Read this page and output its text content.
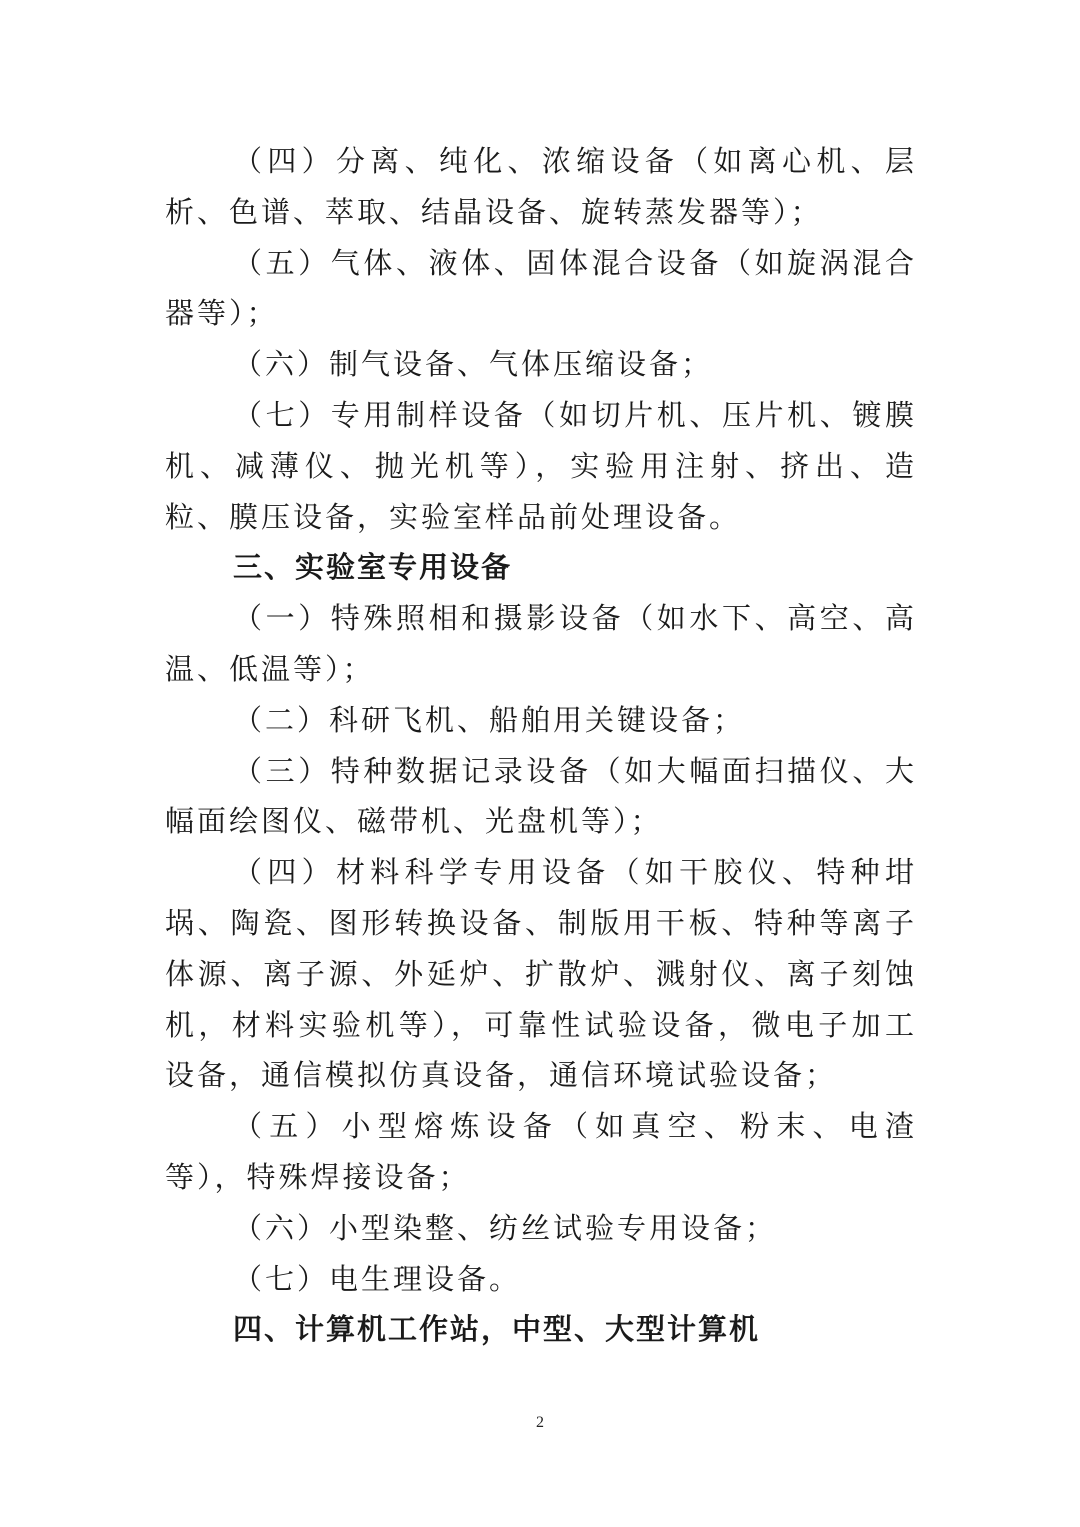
（四）分离、纯化、浓缩设备（如离心机、层析、色谱、萃取、结晶设备、旋转蒸发器等）；

（五）气体、液体、固体混合设备（如旋涡混合器等）；

（六）制气设备、气体压缩设备；

（七）专用制样设备（如切片机、压片机、镀膜机、减薄仪、抛光机等），实验用注射、挤出、造粒、膜压设备，实验室样品前处理设备。

三、实验室专用设备

（一）特殊照相和摄影设备（如水下、高空、高温、低温等）；

（二）科研飞机、船舶用关键设备；

（三）特种数据记录设备（如大幅面扫描仪、大幅面绘图仪、磁带机、光盘机等）；

（四）材料科学专用设备（如干胶仪、特种坩埚、陶瓷、图形转换设备、制版用干板、特种等离子体源、离子源、外延炉、扩散炉、溅射仪、离子刻蚀机，材料实验机等），可靠性试验设备，微电子加工设备，通信模拟仿真设备，通信环境试验设备；

（五）小型熔炼设备（如真空、粉末、电渣等），特殊焊接设备；

（六）小型染整、纺丝试验专用设备；

（七）电生理设备。

四、计算机工作站，中型、大型计算机

2
